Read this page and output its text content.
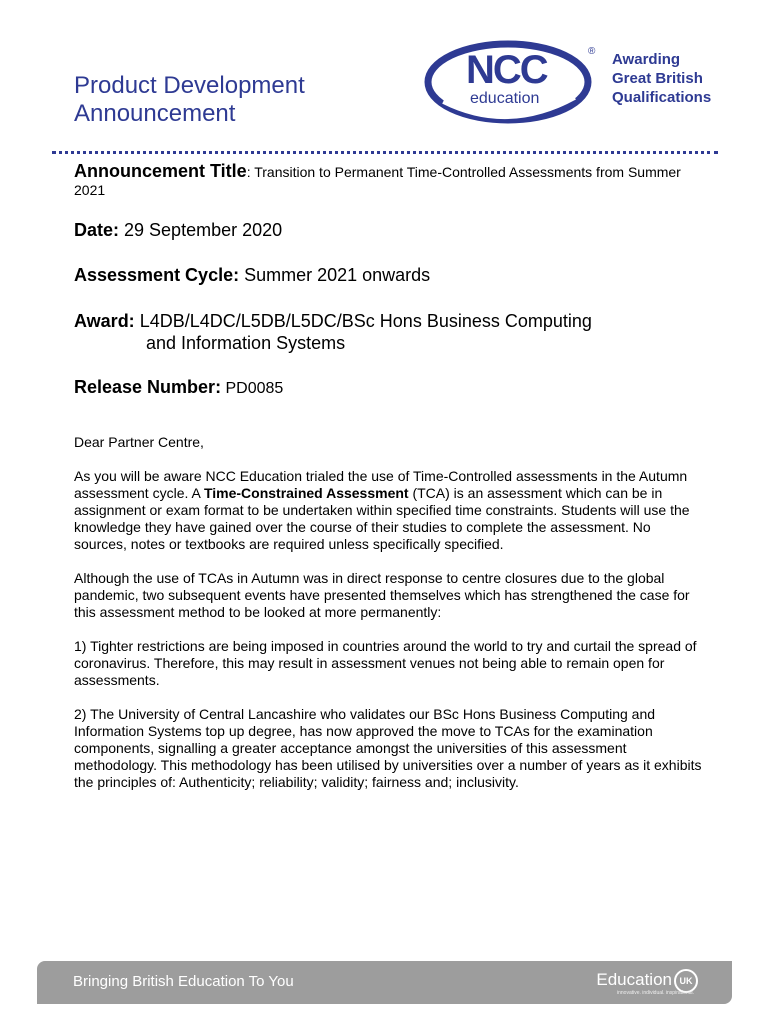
Product Development
Announcement
NCC
education
® Awarding
Great British
Qualifications
Announcement Title: Transition to Permanent Time-Controlled Assessments from Summer 2021
Date: 29 September 2020
Assessment Cycle: Summer 2021 onwards
Award: L4DB/L4DC/L5DB/L5DC/BSc Hons Business Computing
and Information Systems
Release Number: PD0085

Dear Partner Centre,

As you will be aware NCC Education trialed the use of Time-Controlled assessments in the Autumn assessment cycle. A Time-Constrained Assessment (TCA) is an assessment which can be in assignment or exam format to be undertaken within specified time constraints. Students will use the knowledge they have gained over the course of their studies to complete the assessment. No sources, notes or textbooks are required unless specifically specified.

Although the use of TCAs in Autumn was in direct response to centre closures due to the global pandemic, two subsequent events have presented themselves which has strengthened the case for this assessment method to be looked at more permanently:

1) Tighter restrictions are being imposed in countries around the world to try and curtail the spread of coronavirus. Therefore, this may result in assessment venues not being able to remain open for assessments.

2) The University of Central Lancashire who validates our BSc Hons Business Computing and Information Systems top up degree, has now approved the move to TCAs for the examination components, signalling a greater acceptance amongst the universities of this assessment methodology. This methodology has been utilised by universities over a number of years as it exhibits the principles of: Authenticity; reliability; validity; fairness and; inclusivity.

Bringing British Education To You	Education UK
innovative. individual. inspirational.
